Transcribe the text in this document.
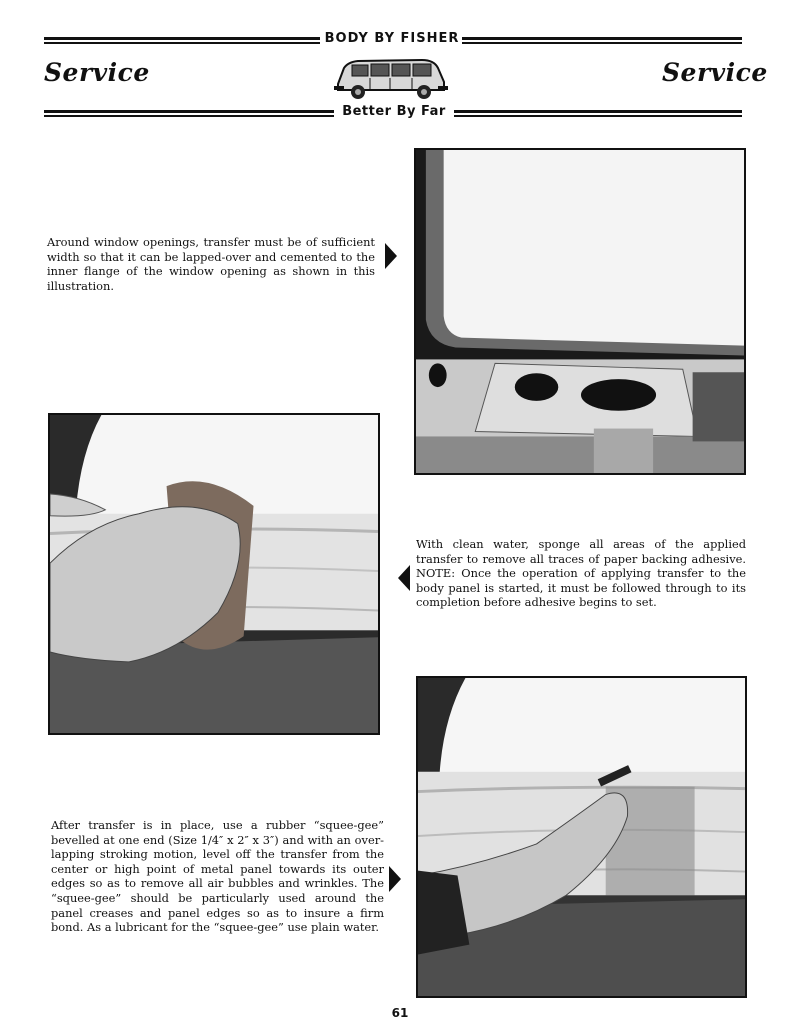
BODY BY FISHER
Better By Far
Service	Service

Around window openings, transfer must be of sufficient width so that it can be lapped-over and cemented to the inner flange of the window opening as shown in this illustration.

With clean water, sponge all areas of the applied transfer to remove all traces of paper backing adhesive. NOTE: Once the operation of applying transfer to the body panel is started, it must be followed through to its completion before adhesive begins to set.

After transfer is in place, use a rubber “squee-gee” bevelled at one end (Size 1/4″ x 2″ x 3″) and with an over-lapping stroking motion, level off the transfer from the center or high point of metal panel towards its outer edges so as to remove all air bubbles and wrinkles. The “squee-gee” should be particularly used around the panel creases and panel edges so as to insure a firm bond. As a lubricant for the “squee-gee” use plain water.

61
